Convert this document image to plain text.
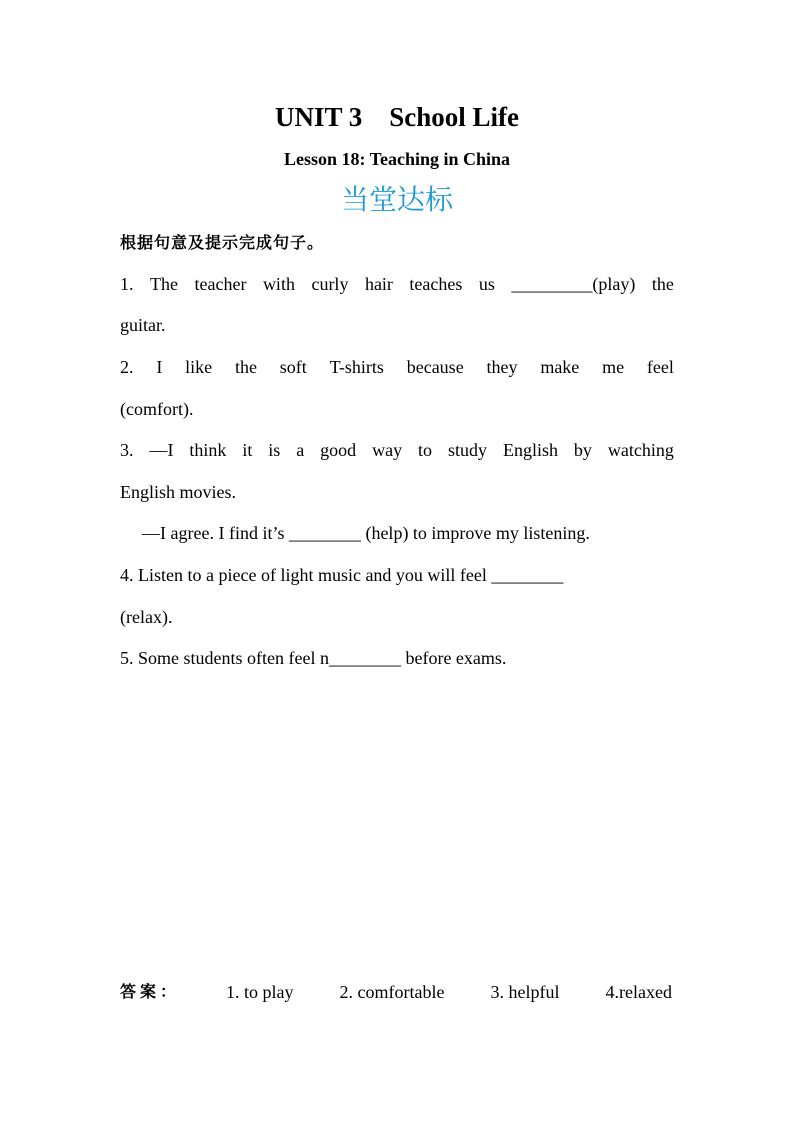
UNIT 3    School Life
Lesson 18: Teaching in China
当堂达标
根据句意及提示完成句子。
1. The teacher with curly hair teaches us _________(play) the
guitar.
2. I like the soft T-shirts because they make me feel
(comfort).
3. —I think it is a good way to study English by watching
English movies.
—I agree. I find it’s ________ (help) to improve my listening.
4. Listen to a piece of light music and you will feel ________
(relax).
5. Some students often feel n________ before exams.
答案：	1. to play	2. comfortable	3. helpful	4.relaxed
